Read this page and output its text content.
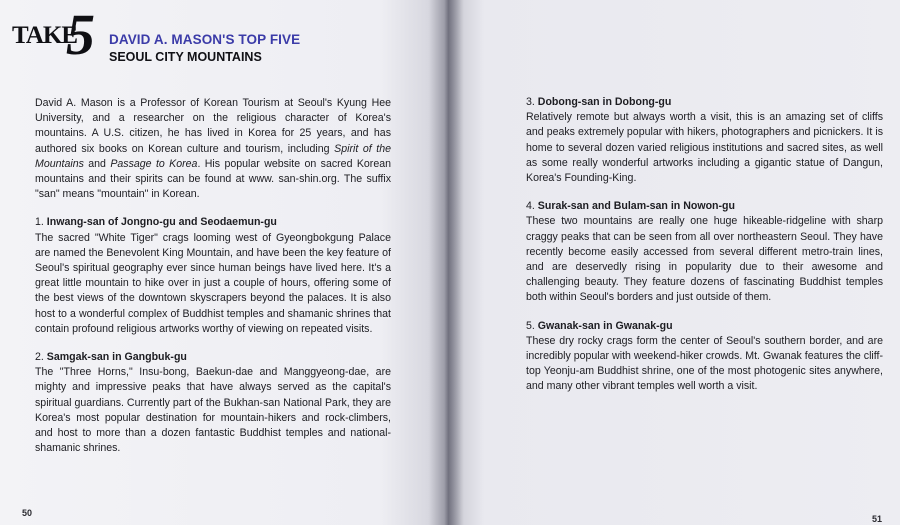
TAKE
5 DAVID A. MASON'S TOP FIVE
SEOUL CITY MOUNTAINS

David A. Mason is a Professor of Korean Tourism at Seoul's Kyung Hee University, and a researcher on the religious character of Korea's mountains. A U.S. citizen, he has lived in Korea for 25 years, and has authored six books on Korean culture and tourism, including Spirit of the Mountains and Passage to Korea. His popular website on sacred Korean mountains and their spirits can be found at www. san-shin.org. The suffix "san" means "mountain" in Korean.

1. Inwang-san of Jongno-gu and Seodaemun-gu
The sacred "White Tiger" crags looming west of Gyeongbokgung Palace are named the Benevolent King Mountain, and have been the key feature of Seoul's spiritual geography ever since human beings have lived here. It's a great little mountain to hike over in just a couple of hours, offering some of the best views of the downtown skyscrapers beyond the palaces. It is also host to a wonderful complex of Buddhist temples and shamanic shrines that contain profound religious artworks worthy of viewing on repeated visits.

2. Samgak-san in Gangbuk-gu
The "Three Horns," Insu-bong, Baekun-dae and Manggyeong-dae, are mighty and impressive peaks that have always served as the capital's spiritual guardians. Currently part of the Bukhan-san National Park, they are Korea's most popular destination for mountain-hikers and rock-climbers, and host to more than a dozen fantastic Buddhist temples and national-shamanic shrines.

50

3. Dobong-san in Dobong-gu
Relatively remote but always worth a visit, this is an amazing set of cliffs and peaks extremely popular with hikers, photographers and picnickers. It is home to several dozen varied religious institutions and sacred sites, as well as some really wonderful artworks including a gigantic statue of Dangun, Korea's Founding-King.

4. Surak-san and Bulam-san in Nowon-gu
These two mountains are really one huge hikeable-ridgeline with sharp craggy peaks that can be seen from all over northeastern Seoul. They have recently become easily accessed from several different metro-train lines, and are deservedly rising in popularity due to their awesome and challenging beauty. They feature dozens of fascinating Buddhist temples both within Seoul's borders and just outside of them.

5. Gwanak-san in Gwanak-gu
These dry rocky crags form the center of Seoul's southern border, and are incredibly popular with weekend-hiker crowds. Mt. Gwanak features the cliff-top Yeonju-am Buddhist shrine, one of the most photogenic sites anywhere, and many other vibrant temples well worth a visit.

51
